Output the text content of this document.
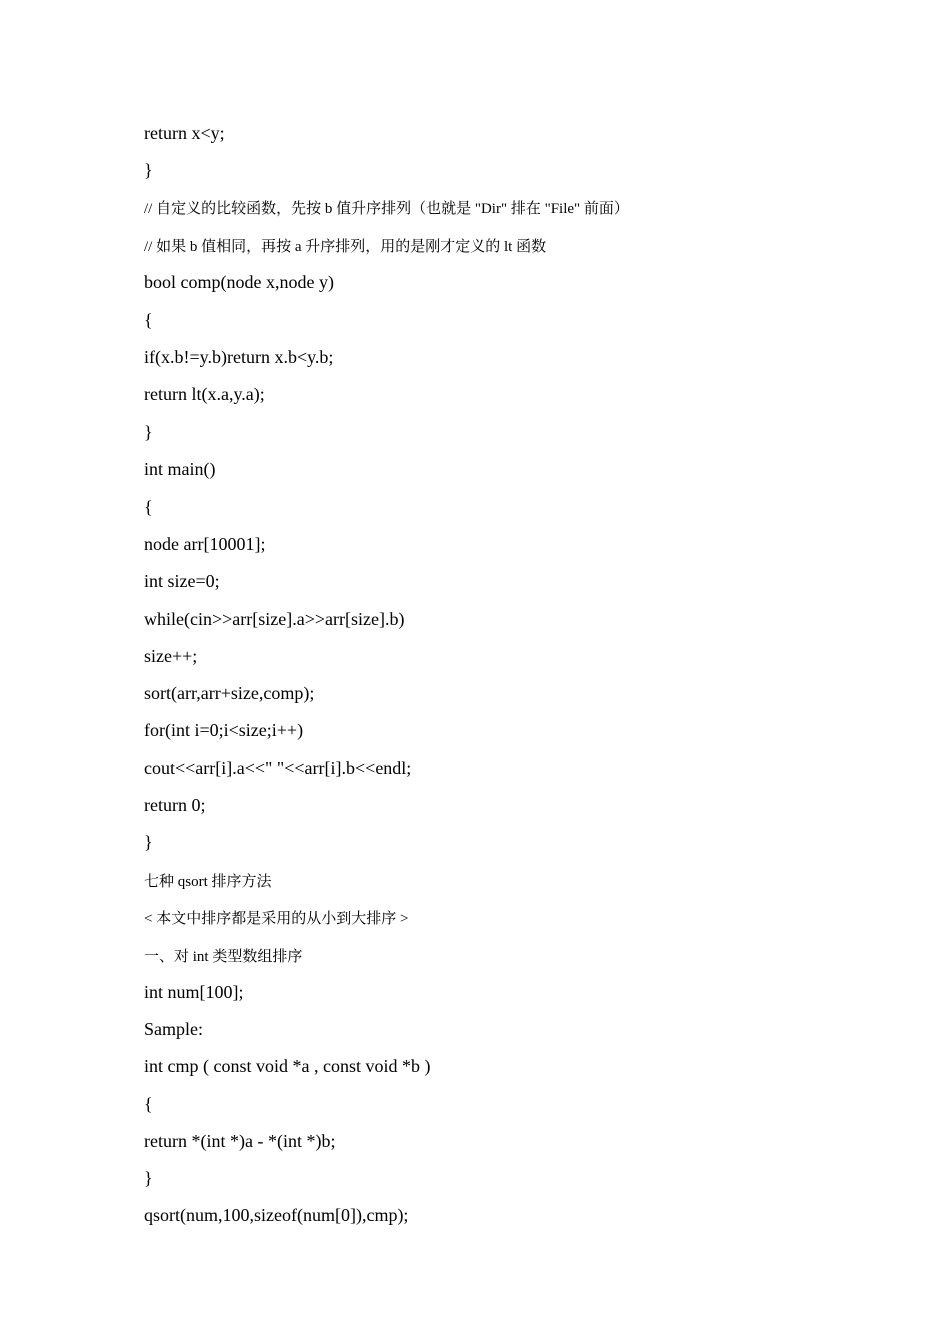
return x<y;

}

// 自定义的比较函数，先按 b 值升序排列（也就是 "Dir" 排在 "File" 前面）

// 如果 b 值相同，再按 a 升序排列，用的是刚才定义的 lt 函数

bool comp(node x,node y)

{

if(x.b!=y.b)return x.b<y.b;

return lt(x.a,y.a);

}

int main()

{

node arr[10001];

int size=0;

while(cin>>arr[size].a>>arr[size].b)

size++;

sort(arr,arr+size,comp);

for(int i=0;i<size;i++)

cout<<arr[i].a<<" "<<arr[i].b<<endl;

return 0;

}

七种 qsort 排序方法

< 本文中排序都是采用的从小到大排序 >

一、对 int 类型数组排序

int num[100];

Sample:

int cmp ( const void *a , const void *b )

{

return *(int *)a - *(int *)b;

}

qsort(num,100,sizeof(num[0]),cmp);
